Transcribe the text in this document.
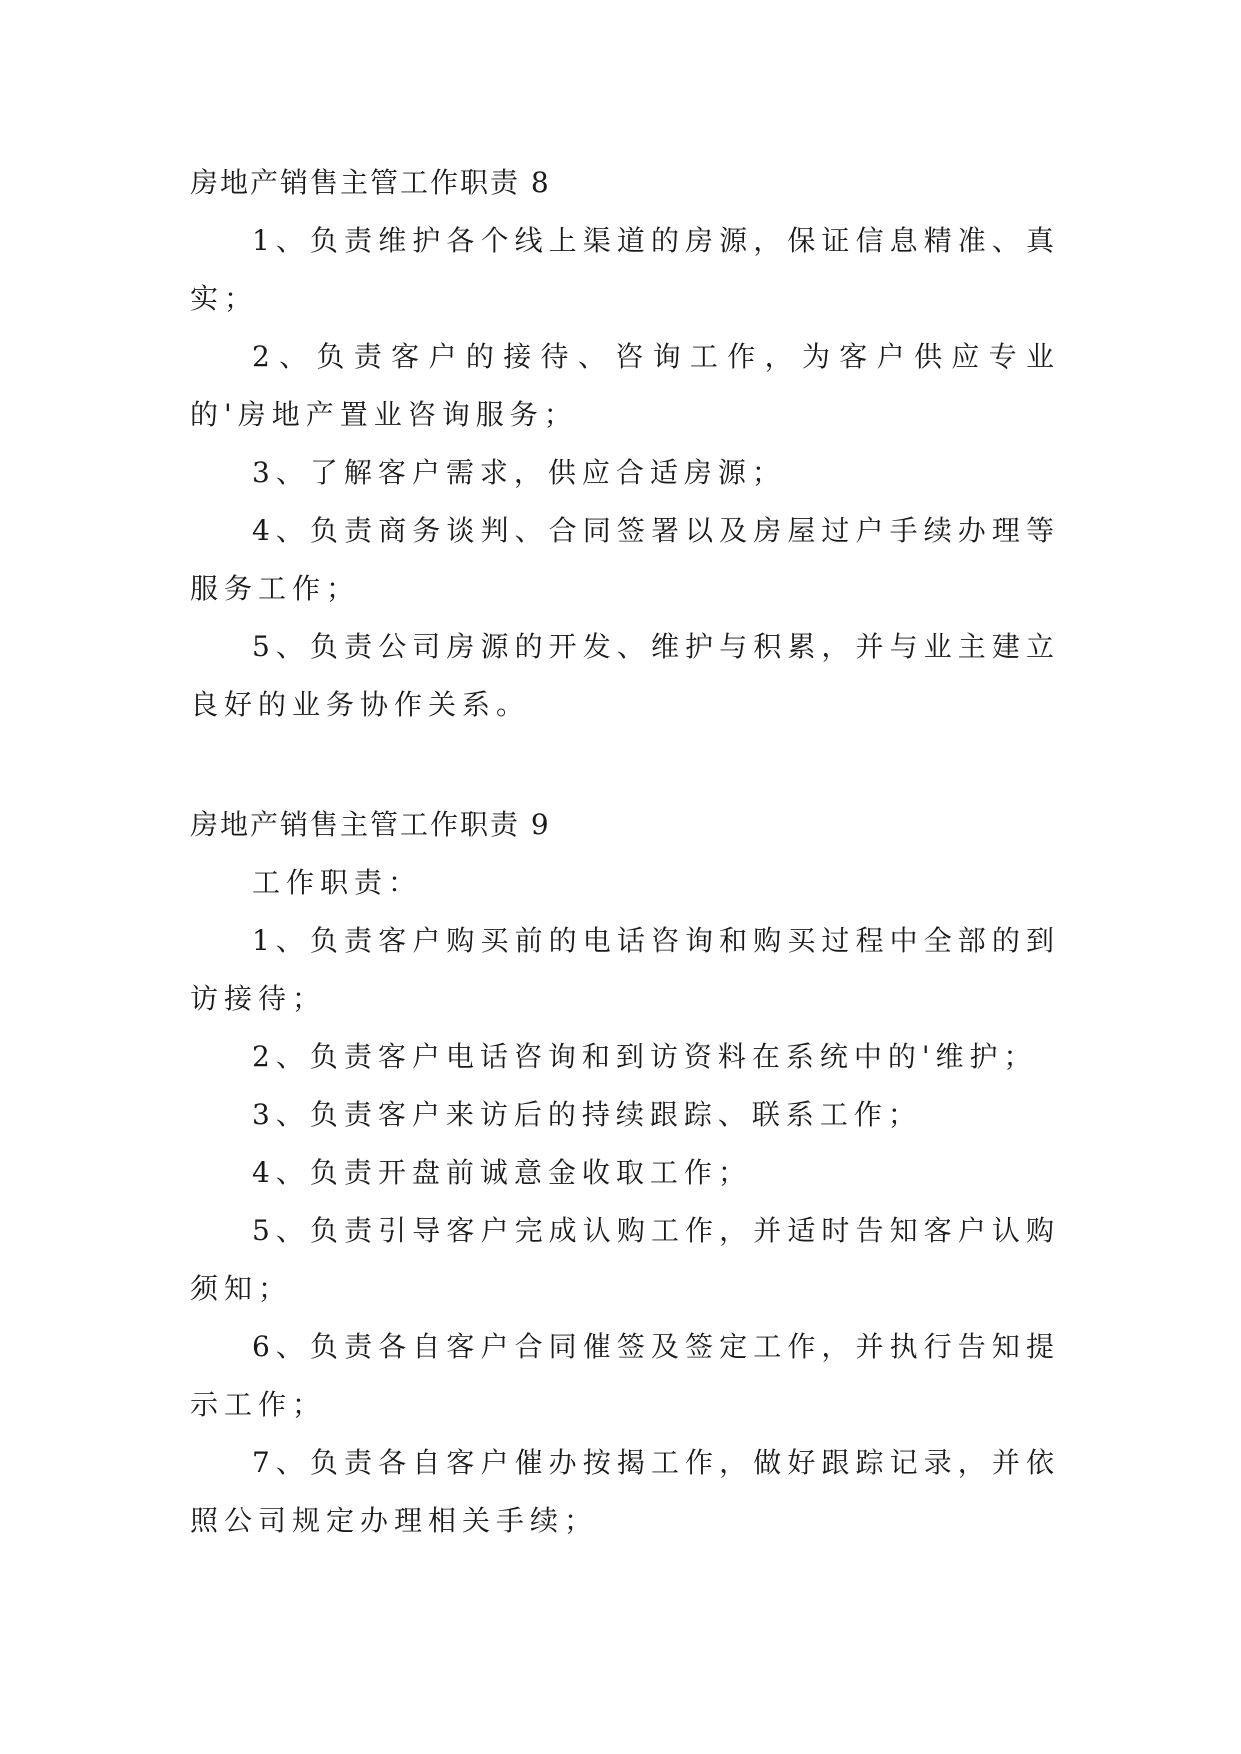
房地产销售主管工作职责 8

1、负责维护各个线上渠道的房源，保证信息精准、真实；

2、负责客户的接待、咨询工作，为客户供应专业的'房地产置业咨询服务；

3、了解客户需求，供应合适房源；

4、负责商务谈判、合同签署以及房屋过户手续办理等服务工作；

5、负责公司房源的开发、维护与积累，并与业主建立良好的业务协作关系。

房地产销售主管工作职责 9

工作职责：

1、负责客户购买前的电话咨询和购买过程中全部的到访接待；

2、负责客户电话咨询和到访资料在系统中的'维护；

3、负责客户来访后的持续跟踪、联系工作；

4、负责开盘前诚意金收取工作；

5、负责引导客户完成认购工作，并适时告知客户认购须知；

6、负责各自客户合同催签及签定工作，并执行告知提示工作；

7、负责各自客户催办按揭工作，做好跟踪记录，并依照公司规定办理相关手续；
